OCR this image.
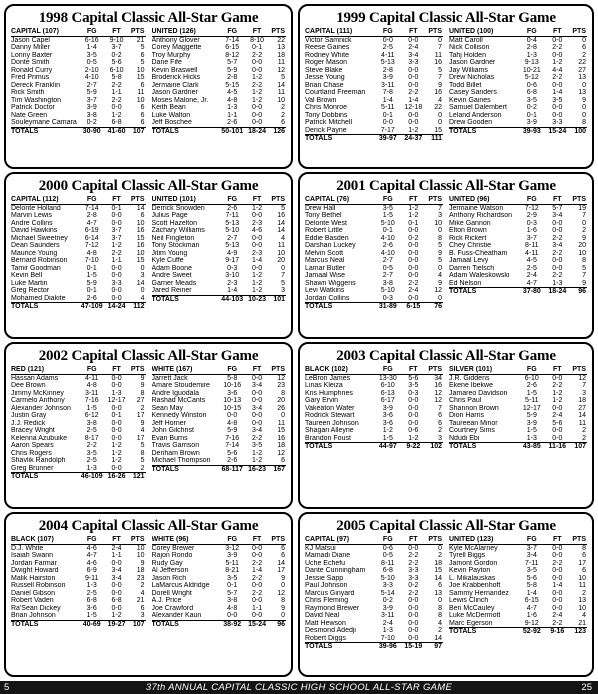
1998 Capital Classic All-Star Game
CAPITAL (107)	FG	FT	PTS
Jason Capel	6-16	9-10	21
Danny Miller	1-4	3-7	5
Lonny Baxter	3-5	0-2	6
Donte Smith	0-5	5-6	5
Ronald Curry	2-10	6-10	10
Fred Primus	4-10	5-8	15
Dereck Franklin	2-7	2-2	6
Rick Smith	5-9	1-1	11
Tim Washington	3-7	2-2	10
Patrick Doctor	3-9	0-0	6
Nate Green	3-8	1-2	6
Souleymane Camara	0-2	6-8	6
TOTALS	30-90	41-60	107
UNITED (126)	FG	FT	PTS
Anthony Glover	7-14	8-10	22
Corey Maggette	6-15	0-1	13
Troy Murphy	8-12	2-2	18
Dane Fife	5-7	0-0	11
Kevin Braswell	5-9	0-0	12
Broderick Hicks	2-8	1-2	5
Jermaine Clark	5-15	2-2	14
Jason Gardner	4-5	1-2	11
Moses Malone, Jr.	4-8	1-2	10
Keith Bean	1-3	0-0	2
Luke Walton	1-1	0-0	2
Jeff Boschee	2-6	0-0	6
TOTALS	50-101	18-24	126
1999 Capital Classic All-Star Game
CAPITAL (111)	FG	FT	PTS
Victor Samnick	0-0	0-0	0
Reese Gaines	2-5	2-4	7
Rodney White	4-11	3-4	11
Roger Mason	5-13	3-3	16
Steve Blake	2-8	0-0	5
Jesse Young	3-9	0-0	7
Brian Chase	3-11	0-0	9
Courtland Freeman	7-8	2-2	16
Val Brown	1-4	1-4	4
Chris Monroe	5-11	12-18	22
Tony Dobbins	0-1	0-0	0
Patrick Mitchell	0-0	0-0	0
Derick Payne	7-17	1-2	15
TOTALS	39-97	24-37	111
UNITED (100)	FG	FT	PTS
Matt Caroll	0-4	0-0	0
Nick Collison	2-8	2-2	6
Tahj Holden	1-3	0-0	2
Jason Gardner	9-13	1-2	22
Jay Williams	10-21	4-4	27
Drew Nicholas	5-12	2-2	13
Todd Billet	0-6	0-0	0
Casey Sanders	6-8	1-4	13
Kevin Gaines	3-5	3-5	9
Samuel Dalembert	0-2	0-0	0
Leland Anderson	0-1	0-0	0
Drew Gooden	3-9	3-3	8
TOTALS	39-93	15-24	100
2000 Capital Classic All-Star Game
CAPITAL (112)	FG	FT	PTS
Delonte Holland	7-14	0-1	14
Marvin Lewis	2-8	0-0	6
Andre Collins	4-7	0-0	10
David Hawkins	6-19	3-7	16
Michael Sweetney	6-14	3-7	15
Dean Saunders	7-12	1-2	16
Maurice Young	4-8	2-2	10
Bernard Robinson	7-10	1-1	15
Tamir Goodman	0-1	0-0	0
Kevin Bell	1-5	0-0	3
Luke Martin	5-9	3-3	14
Greg Rector	0-1	0-0	0
Mohamed Diakite	2-6	0-0	4
TOTALS	47-109	14-24	112
UNITED (101)	FG	FT	PTS
Derrick Snowden	2-6	1-2	5
Julius Page	7-11	0-0	16
Scott Hazelton	5-13	2-3	14
Zachary Williams	5-10	4-6	14
Neil Fingleton	2-7	0-0	4
Tony Stockman	5-13	0-0	11
Jitim Young	4-9	2-3	10
Kyle Cuffe	9-17	1-4	20
Adam Boone	0-3	0-0	0
Andre Sweet	3-10	1-2	7
Garner Meads	2-3	1-2	5
Jared Reiner	1-4	1-2	3
TOTALS	44-103	10-23	101
2001 Capital Classic All-Star Game
CAPITAL (76)	FG	FT	PTS
Drew Hall	3-5	1-2	7
Tony Bethel	1-5	1-2	3
Delonte West	5-10	0-1	10
Robert Little	0-1	0-0	0
Eddie Basden	4-10	0-2	8
Darshan Luckey	2-6	0-0	5
Melvin Scott	4-10	0-0	9
Marcus Neal	2-7	0-0	5
Lamar Butler	0-5	0-0	0
Jamaal Wise	2-7	0-0	4
Shawn Wiggens	3-8	2-2	9
Levi Watkins	5-10	2-4	12
Jordan Collins	0-3	0-0	0
TOTALS	31-89	6-15	76
UNITED (96)	FG	FT	PTS
Jermaine Watson	7-12	5-7	19
Anthony Richardson	2-9	3-4	7
Mike Gannon	0-3	0-0	0
Elton Brown	1-6	0-0	2
Rick Rickert	3-7	2-2	9
Chey Christie	8-11	3-4	20
B. Fuss-Cheatham	4-11	2-2	10
Jamaal Levy	4-5	0-0	8
Darren Tielsch	2-5	0-0	5
Adam Waleskowski	2-4	2-2	7
Ed Nelson	4-7	1-3	9
TOTALS	37-80	18-24	96
2002 Capital Classic All-Star Game
RED (121)	FG	FT	PTS
Hassan Adams	4-11	0-0	9
Dee Brown	4-8	0-0	9
Jimmy McKinney	3-11	1-3	8
Carmelo Anthony	7-16	12-17	27
Alexander Johnson	1-5	0-0	2
Justin Gray	6-12	0-1	17
J.J. Redick	3-8	0-0	9
Bracey Wright	2-5	0-0	4
Kelenna Azubuike	8-17	0-0	17
Aaron Spears	2-2	1-2	5
Chris Rogers	3-5	1-2	8
Shavlik Randolph	2-5	1-2	5
Greg Brunner	1-3	0-0	2
TOTALS	46-109	16-26	121
WHITE (167)	FG	FT	PTS
Jarrett Jack	5-8	0-0	12
Amare Stoudemire	10-16	3-4	23
Andre Iguodala	3-6	0-0	8
Rashad McCants	10-13	0-0	20
Sean May	10-15	3-4	26
Kennedy Winston	0-0	0-0	0
Jeff Horner	4-8	0-0	11
John Gilchrist	5-9	3-4	15
Evan Burns	7-16	2-2	16
Travis Garrison	7-14	3-5	18
Denham Brown	5-6	1-2	12
Michael Thompson	2-6	1-2	6
TOTALS	68-117	16-23	167
2003 Capital Classic All-Star Game
BLACK (102)	FG	FT	PTS
LeBron James	13-30	5-6	34
Linas Kleiza	6-10	3-5	16
Kris Humphries	6-13	0-3	12
Gary Ervin	6-17	0-0	12
Vakeaton Wafer	3-9	0-0	7
Rodrick Stewart	3-6	0-0	6
Taureen Johnson	3-6	0-0	6
Shagari Alleyne	1-2	0-6	2
Brandon Foust	1-5	1-2	3
TOTALS	44-97	9-22	102
SILVER (101)	FG	FT	PTS
J.R. Giddens	6-10	0-0	12
Ekene Ibekwe	2-6	2-2	7
Jamareo Davidson	1-5	1-2	3
Chris Paul	5-11	1-2	18
Shannon Brown	12-17	0-0	27
Dion Harris	5-9	2-4	14
Taureean Minor	3-9	5-6	11
Courtney Sims	1-5	0-0	2
Ndudi Ebi	1-3	0-0	2
TOTALS	43-85	11-16	107
2004 Capital Classic All-Star Game
BLACK (107)	FG	FT	PTS
D.J. White	4-6	2-4	10
Isaiah Swann	4-7	1-1	10
Jordan Farmar	4-6	0-0	9
Dwight Howard	6-9	3-4	18
Malik Hairston	9-11	3-4	23
Russell Robinson	1-3	0-0	2
Daniel Gibson	2-5	0-0	4
Robert Vaden	6-8	6-8	21
Ra'Sean Dickey	3-6	0-0	6
Brian Johnson	1-5	1-2	3
TOTALS	40-69	19-27	107
WHITE (96)	FG	FT	PTS
Corey Brewer	3-12	0-0	6
Rajon Rondo	3-9	0-0	6
Rudy Gay	5-11	2-2	14
Al Jefferson	8-21	1-4	17
Jason Rich	3-5	2-2	9
LaMarcus Aldridge	0-1	0-0	0
Dorell Wright	5-7	2-2	12
A.J. Price	3-8	0-0	8
Joe Crawford	4-8	1-1	9
Alexander Kaun	0-0	0-0	0
TOTALS	38-92	15-24	96
2005 Capital Classic All-Star Game
CAPITAL (97)	FG	FT	PTS
KJ Matsui	0-6	0-0	0
Mamadi Diane	0-5	2-2	2
Uche Echefu	8-11	2-2	18
Dante Cunningham	6-8	3-3	15
Jessie Sapp	5-10	3-3	14
Paul Johnson	3-3	0-2	6
Marcus Ginyard	5-14	2-2	13
Chris Fleming	0-2	0-0	0
Raymond Brewer	3-9	0-0	8
David Neal	3-11	0-0	8
Matt Hewson	2-4	0-0	4
Desmond Adedji	1-3	0-0	2
Robert Diggs	7-10	0-0	14
TOTALS	39-96	15-19	97
UNITED (123)	FG	FT	PTS
Kyle McAlarney	3-7	0-0	8
Tyrell Biggs	3-4	0-0	6
Jamont Gordon	7-11	2-2	17
Kevin Payton	3-5	0-0	6
L. Mikalauskas	5-6	0-0	10
Joe Krabbenhoft	5-8	1-4	11
Sammy Hernandez	1-4	0-0	2
Lewis Clinch	6-15	0-0	13
Ben McCauley	4-7	0-0	10
Luke McDermott	1-6	2-4	4
Marc Egerson	9-12	2-2	21
TOTALS	52-92	9-16	123
5	37th ANNUAL CAPITAL CLASSIC HIGH SCHOOL ALL-STAR GAME	25
